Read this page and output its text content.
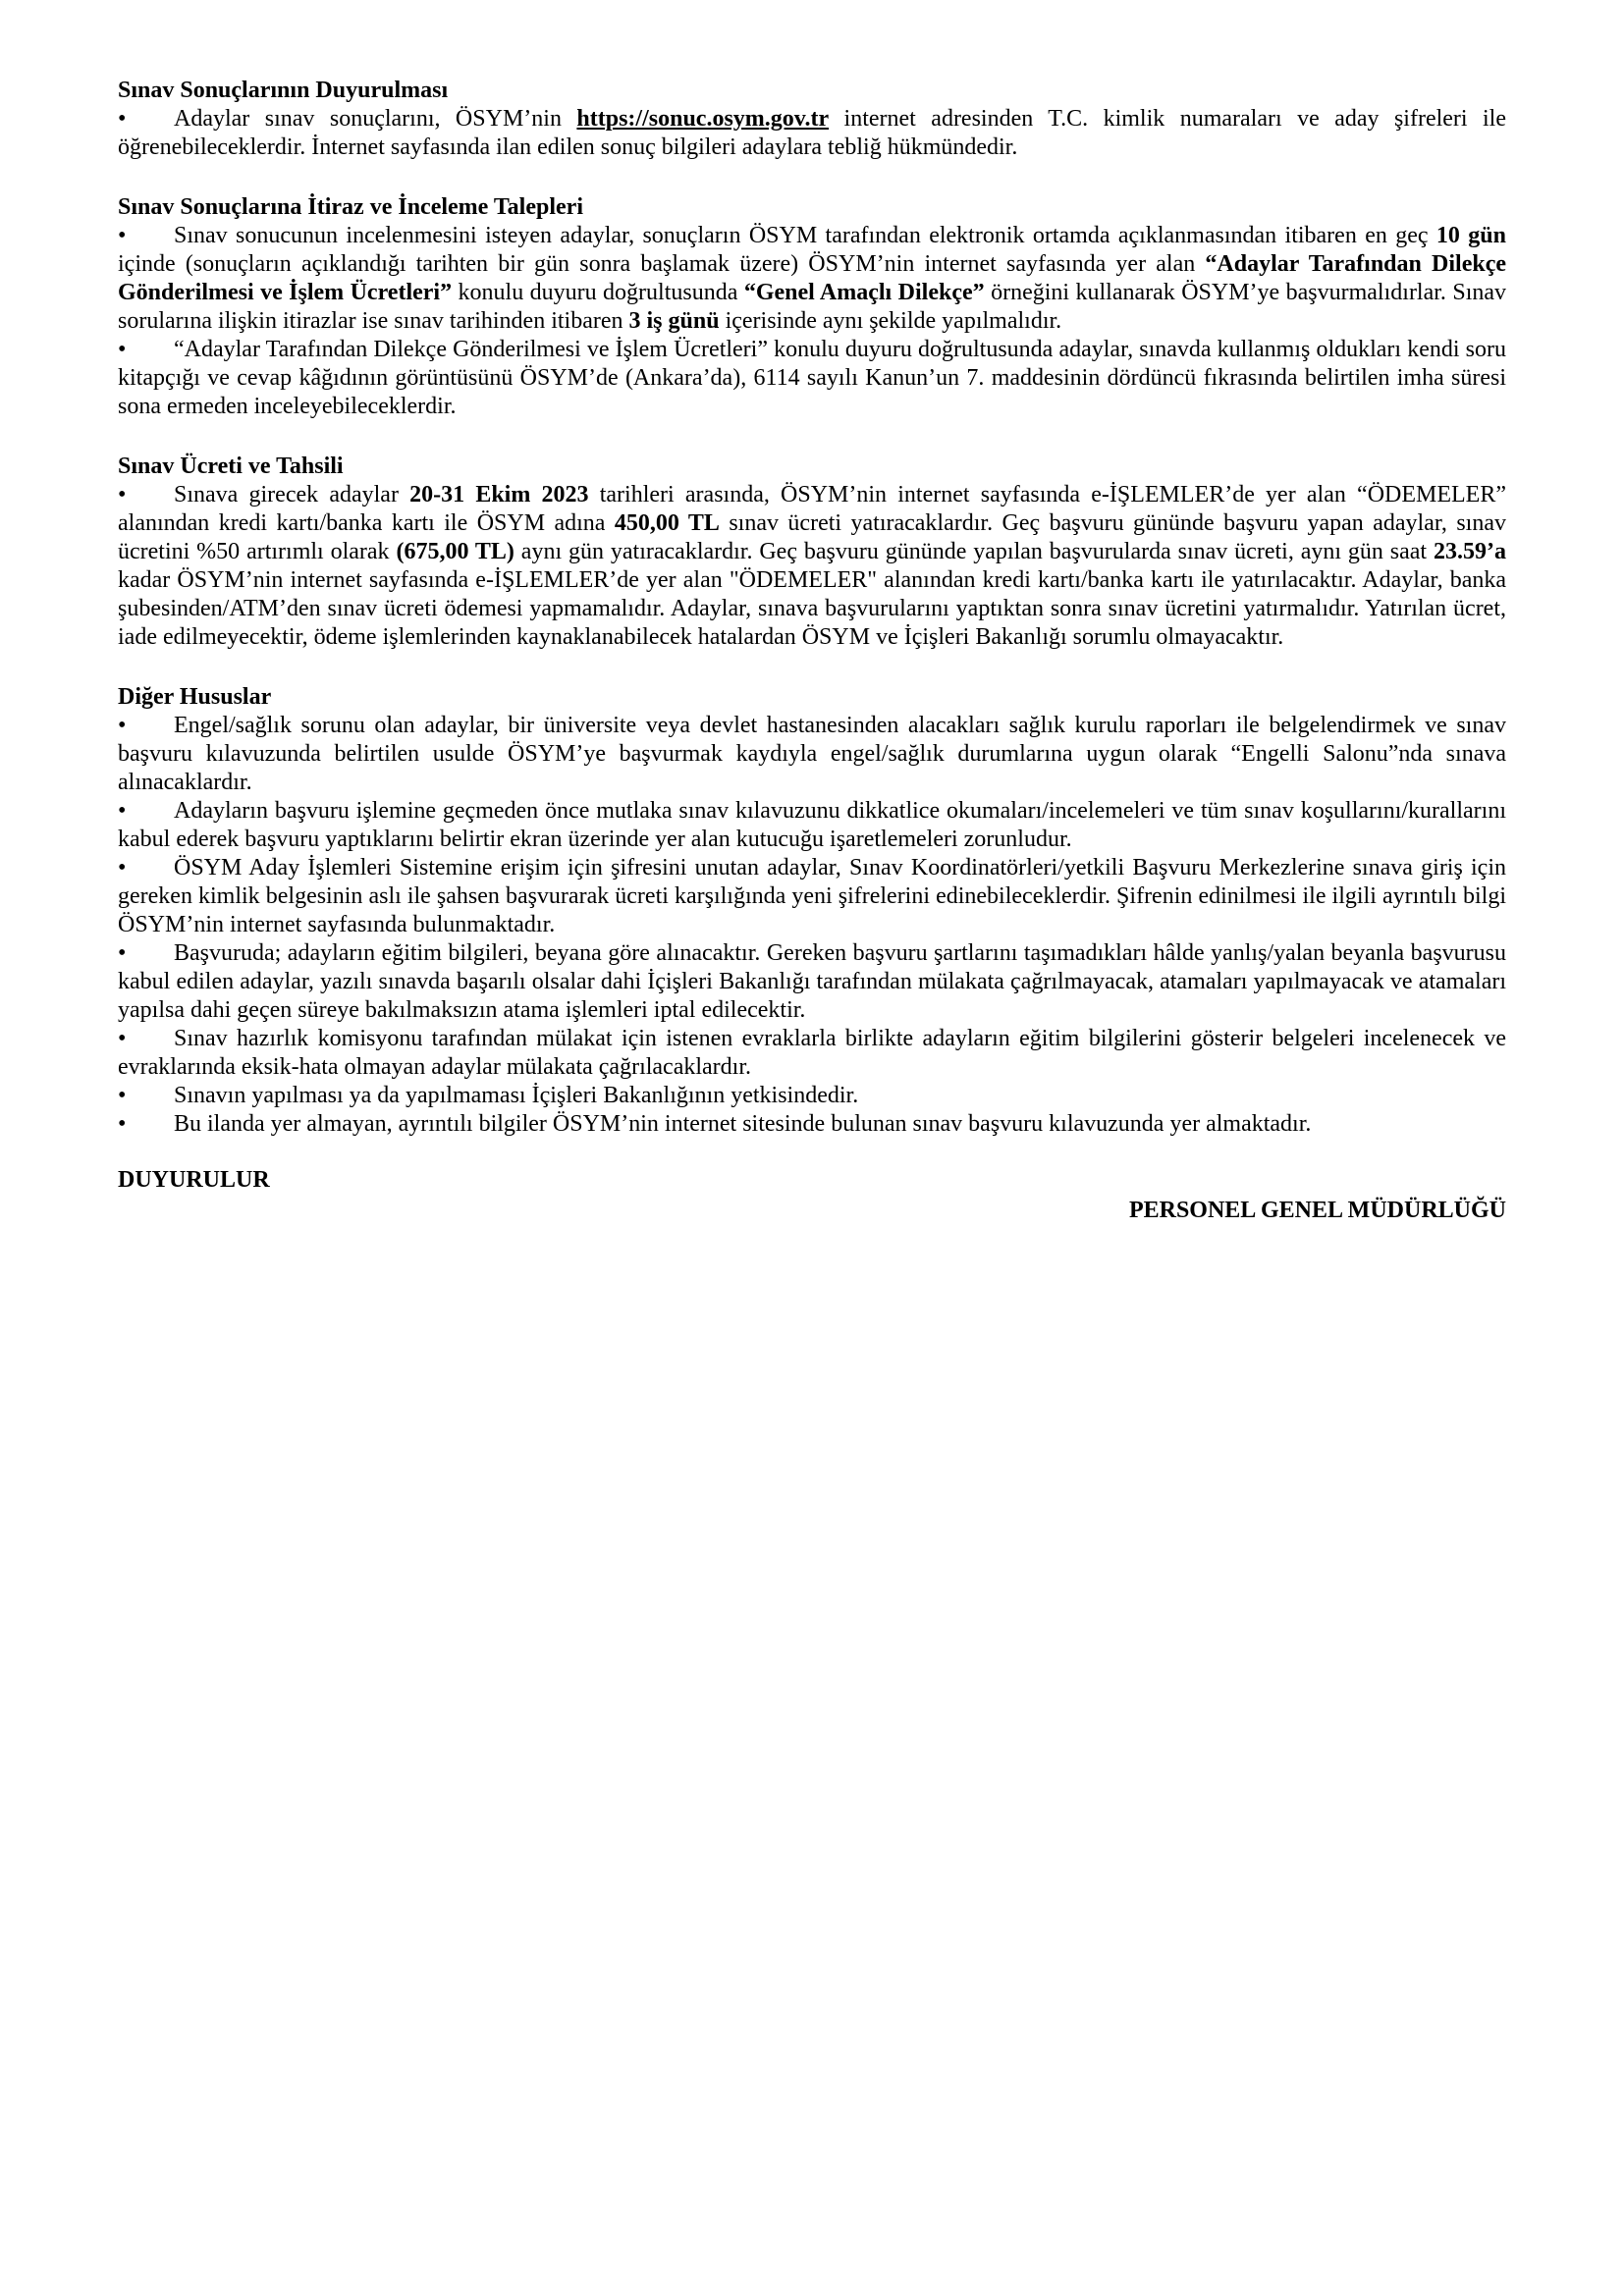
Sınav Sonuçlarının Duyurulması

• Adaylar sınav sonuçlarını, ÖSYM’nin https://sonuc.osym.gov.tr internet adresinden T.C. kimlik numaraları ve aday şifreleri ile öğrenebileceklerdir. İnternet sayfasında ilan edilen sonuç bilgileri adaylara tebliğ hükmündedir.

Sınav Sonuçlarına İtiraz ve İnceleme Talepleri

• Sınav sonucunun incelenmesini isteyen adaylar, sonuçların ÖSYM tarafından elektronik ortamda açıklanmasından itibaren en geç 10 gün içinde (sonuçların açıklandığı tarihten bir gün sonra başlamak üzere) ÖSYM’nin internet sayfasında yer alan “Adaylar Tarafından Dilekçe Gönderilmesi ve İşlem Ücretleri” konulu duyuru doğrultusunda “Genel Amaçlı Dilekçe” örneğini kullanarak ÖSYM’ye başvurmalıdırlar. Sınav sorularına ilişkin itirazlar ise sınav tarihinden itibaren 3 iş günü içerisinde aynı şekilde yapılmalıdır.

• “Adaylar Tarafından Dilekçe Gönderilmesi ve İşlem Ücretleri” konulu duyuru doğrultusunda adaylar, sınavda kullanmış oldukları kendi soru kitapçığı ve cevap kâğıdının görüntüsünü ÖSYM’de (Ankara’da), 6114 sayılı Kanun’un 7. maddesinin dördüncü fıkrasında belirtilen imha süresi sona ermeden inceleyebileceklerdir.

Sınav Ücreti ve Tahsili

• Sınava girecek adaylar 20-31 Ekim 2023 tarihleri arasında, ÖSYM’nin internet sayfasında e-İŞLEMLER’de yer alan “ÖDEMELER” alanından kredi kartı/banka kartı ile ÖSYM adına 450,00 TL sınav ücreti yatıracaklardır. Geç başvuru gününde başvuru yapan adaylar, sınav ücretini %50 artırımlı olarak (675,00 TL) aynı gün yatıracaklardır. Geç başvuru gününde yapılan başvurularda sınav ücreti, aynı gün saat 23.59’a kadar ÖSYM’nin internet sayfasında e-İŞLEMLER’de yer alan "ÖDEMELER" alanından kredi kartı/banka kartı ile yatırılacaktır. Adaylar, banka şubesinden/ATM’den sınav ücreti ödemesi yapmamalıdır. Adaylar, sınava başvurularını yaptıktan sonra sınav ücretini yatırmalıdır. Yatırılan ücret, iade edilmeyecektir, ödeme işlemlerinden kaynaklanabilecek hatalardan ÖSYM ve İçişleri Bakanlığı sorumlu olmayacaktır.

Diğer Hususlar

• Engel/sağlık sorunu olan adaylar, bir üniversite veya devlet hastanesinden alacakları sağlık kurulu raporları ile belgelendirmek ve sınav başvuru kılavuzunda belirtilen usulde ÖSYM’ye başvurmak kaydıyla engel/sağlık durumlarına uygun olarak “Engelli Salonu”nda sınava alınacaklardır.

• Adayların başvuru işlemine geçmeden önce mutlaka sınav kılavuzunu dikkatlice okumaları/incelemeleri ve tüm sınav koşullarını/kurallarını kabul ederek başvuru yaptıklarını belirtir ekran üzerinde yer alan kutucuğu işaretlemeleri zorunludur.

• ÖSYM Aday İşlemleri Sistemine erişim için şifresini unutan adaylar, Sınav Koordinatörleri/yetkili Başvuru Merkezlerine sınava giriş için gereken kimlik belgesinin aslı ile şahsen başvurarak ücreti karşılığında yeni şifrelerini edinebileceklerdir. Şifrenin edinilmesi ile ilgili ayrıntılı bilgi ÖSYM’nin internet sayfasında bulunmaktadır.

• Başvuruda; adayların eğitim bilgileri, beyana göre alınacaktır. Gereken başvuru şartlarını taşımadıkları hâlde yanlış/yalan beyanla başvurusu kabul edilen adaylar, yazılı sınavda başarılı olsalar dahi İçişleri Bakanlığı tarafından mülakata çağrılmayacak, atamaları yapılmayacak ve atamaları yapılsa dahi geçen süreye bakılmaksızın atama işlemleri iptal edilecektir.

• Sınav hazırlık komisyonu tarafından mülakat için istenen evraklarla birlikte adayların eğitim bilgilerini gösterir belgeleri incelenecek ve evraklarında eksik-hata olmayan adaylar mülakata çağrılacaklardır.

• Sınavın yapılması ya da yapılmaması İçişleri Bakanlığının yetkisindedir.

• Bu ilanda yer almayan, ayrıntılı bilgiler ÖSYM’nin internet sitesinde bulunan sınav başvuru kılavuzunda yer almaktadır.

DUYURULUR

PERSONEL GENEL MÜDÜRLÜĞÜ
